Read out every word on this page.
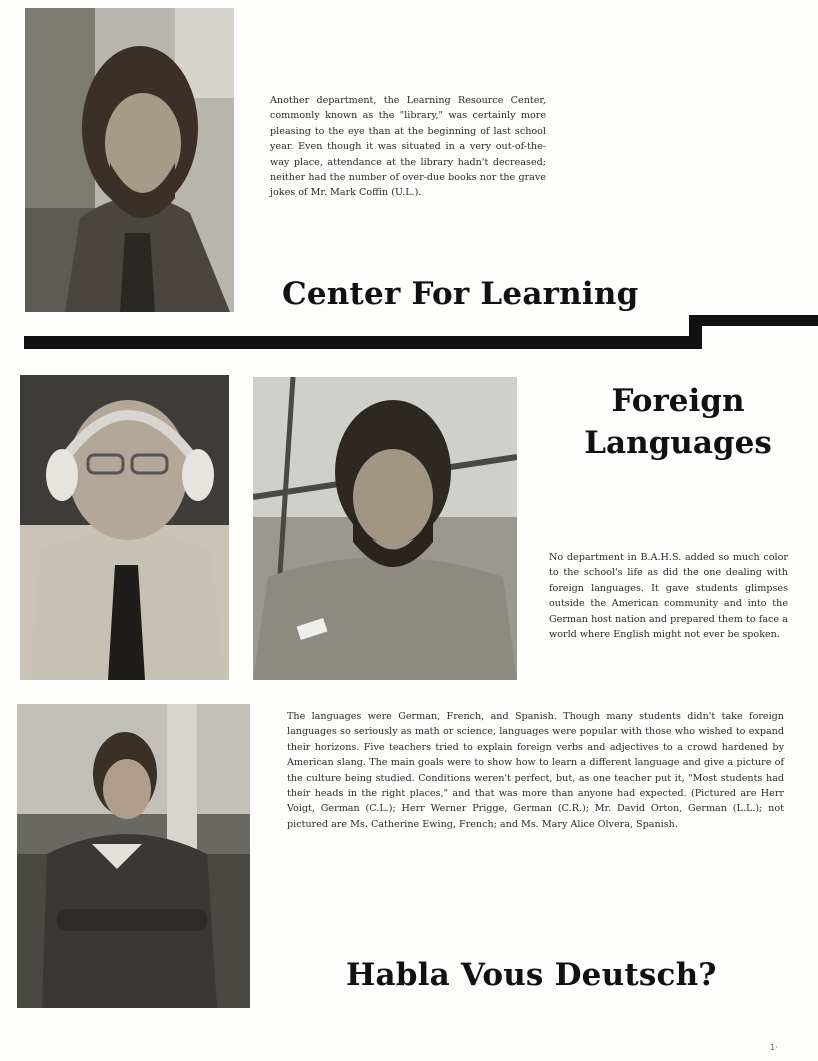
Another department, the Learning Resource Center, commonly known as the "library," was certainly more pleasing to the eye than at the beginning of last school year. Even though it was situated in a very out-of-the-way place, attendance at the library hadn't decreased; neither had the number of over-due books nor the grave jokes of Mr. Mark Coffin (U.L.).

Center For Learning
Foreign
Languages

No department in B.A.H.S. added so much color to the school's life as did the one dealing with foreign languages. It gave students glimpses outside the American community and into the German host nation and prepared them to face a world where English might not ever be spoken.

The languages were German, French, and Spanish. Though many students didn't take foreign languages so seriously as math or science, languages were popular with those who wished to expand their horizons. Five teachers tried to explain foreign verbs and adjectives to a crowd hardened by American slang. The main goals were to show how to learn a different language and give a picture of the culture being studied. Conditions weren't perfect, but, as one teacher put it, "Most students had their heads in the right places," and that was more than anyone had expected. (Pictured are Herr Voigt, German (C.L.); Herr Werner Prigge, German (C.R.); Mr. David Orton, German (L.L.); not pictured are Ms. Catherine Ewing, French; and Ms. Mary Alice Olvera, Spanish.

Habla Vous Deutsch?
1·
